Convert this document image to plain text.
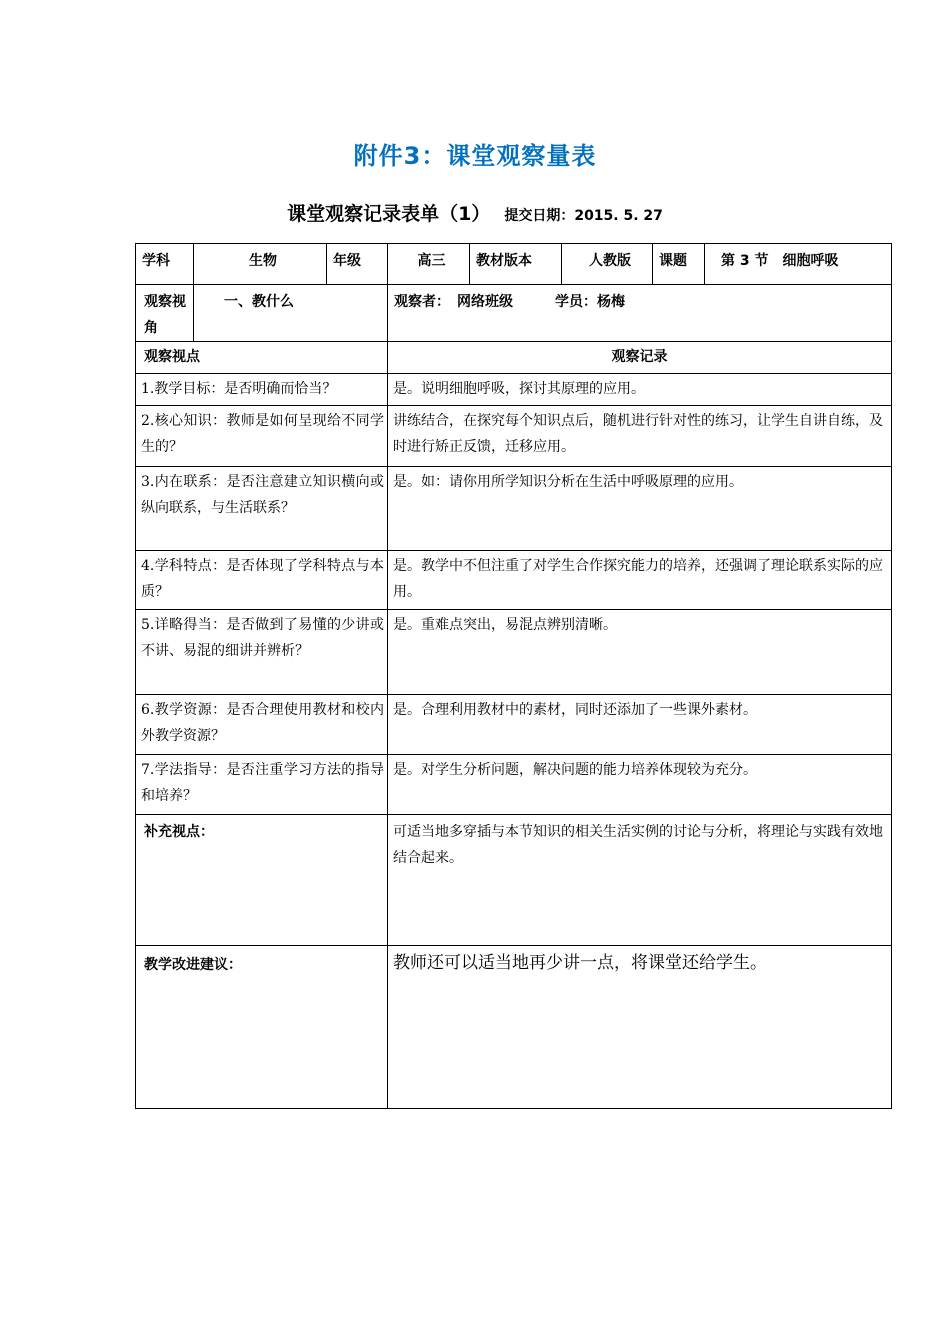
附件3：课堂观察量表
课堂观察记录表单（1） 提交日期：2015. 5. 27
学科	生物	年级	高三	教材版本	人教版	课题	第 3 节　细胞呼吸
观察视角	一、教什么		观察者：　网络班级　　　学员：杨梅				
观察视点			观察记录				
1.教学目标：是否明确而恰当？			是。说明细胞呼吸，探讨其原理的应用。				
2.核心知识：教师是如何呈现给不同学生的？			讲练结合，在探究每个知识点后，随机进行针对性的练习，让学生自讲自练，及时进行矫正反馈，迁移应用。				
3.内在联系：是否注意建立知识横向或纵向联系，与生活联系？			是。如：请你用所学知识分析在生活中呼吸原理的应用。				
4.学科特点：是否体现了学科特点与本质？			是。教学中不但注重了对学生合作探究能力的培养，还强调了理论联系实际的应用。				
5.详略得当：是否做到了易懂的少讲或不讲、易混的细讲并辨析？			是。重难点突出，易混点辨别清晰。				
6.教学资源：是否合理使用教材和校内外教学资源？			是。合理利用教材中的素材，同时还添加了一些课外素材。				
7.学法指导：是否注重学习方法的指导和培养？			是。对学生分析问题，解决问题的能力培养体现较为充分。				
补充视点：			可适当地多穿插与本节知识的相关生活实例的讨论与分析，将理论与实践有效地结合起来。				
教学改进建议：			教师还可以适当地再少讲一点，将课堂还给学生。				
